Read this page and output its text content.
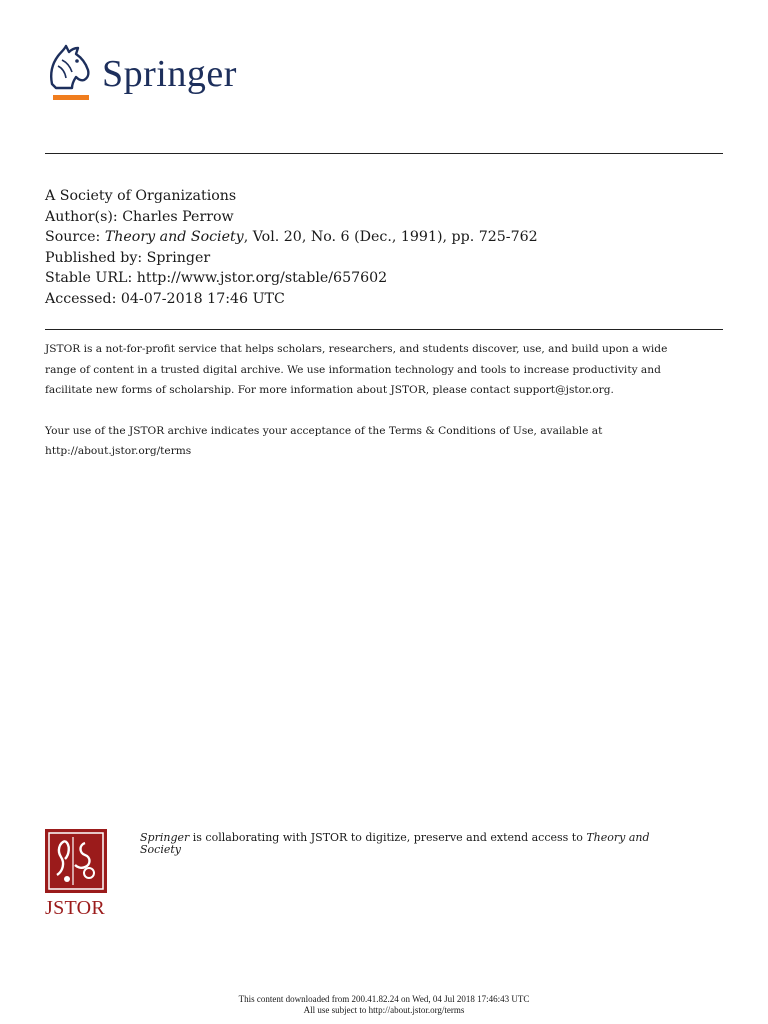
Springer
A Society of Organizations
Author(s): Charles Perrow
Source: Theory and Society, Vol. 20, No. 6 (Dec., 1991), pp. 725-762
Published by: Springer
Stable URL: http://www.jstor.org/stable/657602
Accessed: 04-07-2018 17:46 UTC

JSTOR is a not-for-profit service that helps scholars, researchers, and students discover, use, and build upon a wide

range of content in a trusted digital archive. We use information technology and tools to increase productivity and

facilitate new forms of scholarship. For more information about JSTOR, please contact support@jstor.org.

Your use of the JSTOR archive indicates your acceptance of the Terms & Conditions of Use, available at

http://about.jstor.org/terms

JSTOR
Springer is collaborating with JSTOR to digitize, preserve and extend access to Theory and
Society
This content downloaded from 200.41.82.24 on Wed, 04 Jul 2018 17:46:43 UTC
All use subject to http://about.jstor.org/terms
